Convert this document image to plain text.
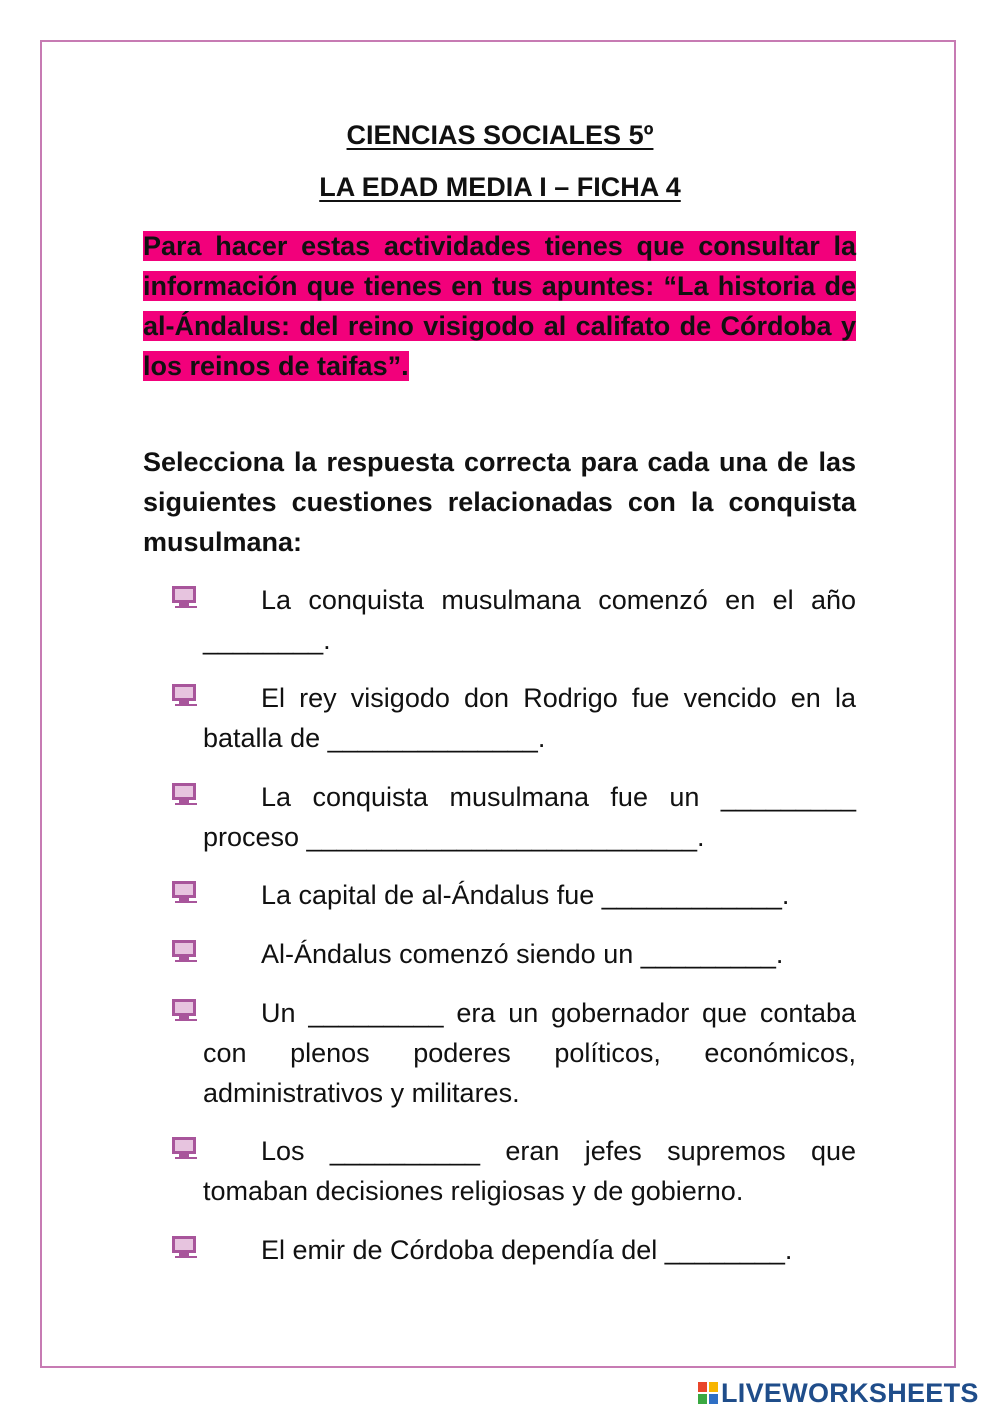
CIENCIAS SOCIALES 5º
LA EDAD MEDIA I – FICHA 4
Para hacer estas actividades tienes que consultar la información que tienes en tus apuntes: “La historia de al-Ándalus: del reino visigodo al califato de Córdoba y los reinos de taifas”.
Selecciona la respuesta correcta para cada una de las siguientes cuestiones relacionadas con la conquista musulmana:
La conquista musulmana comenzó en el año ________.
El rey visigodo don Rodrigo fue vencido en la batalla de ______________.
La conquista musulmana fue un _________ proceso __________________________.
La capital de al-Ándalus fue ____________.
Al-Ándalus comenzó siendo un _________.
Un _________ era un gobernador que contaba con plenos poderes políticos, económicos, administrativos y militares.
Los __________ eran jefes supremos que tomaban decisiones religiosas y de gobierno.
El emir de Córdoba dependía del ________.
LIVEWORKSHEETS
